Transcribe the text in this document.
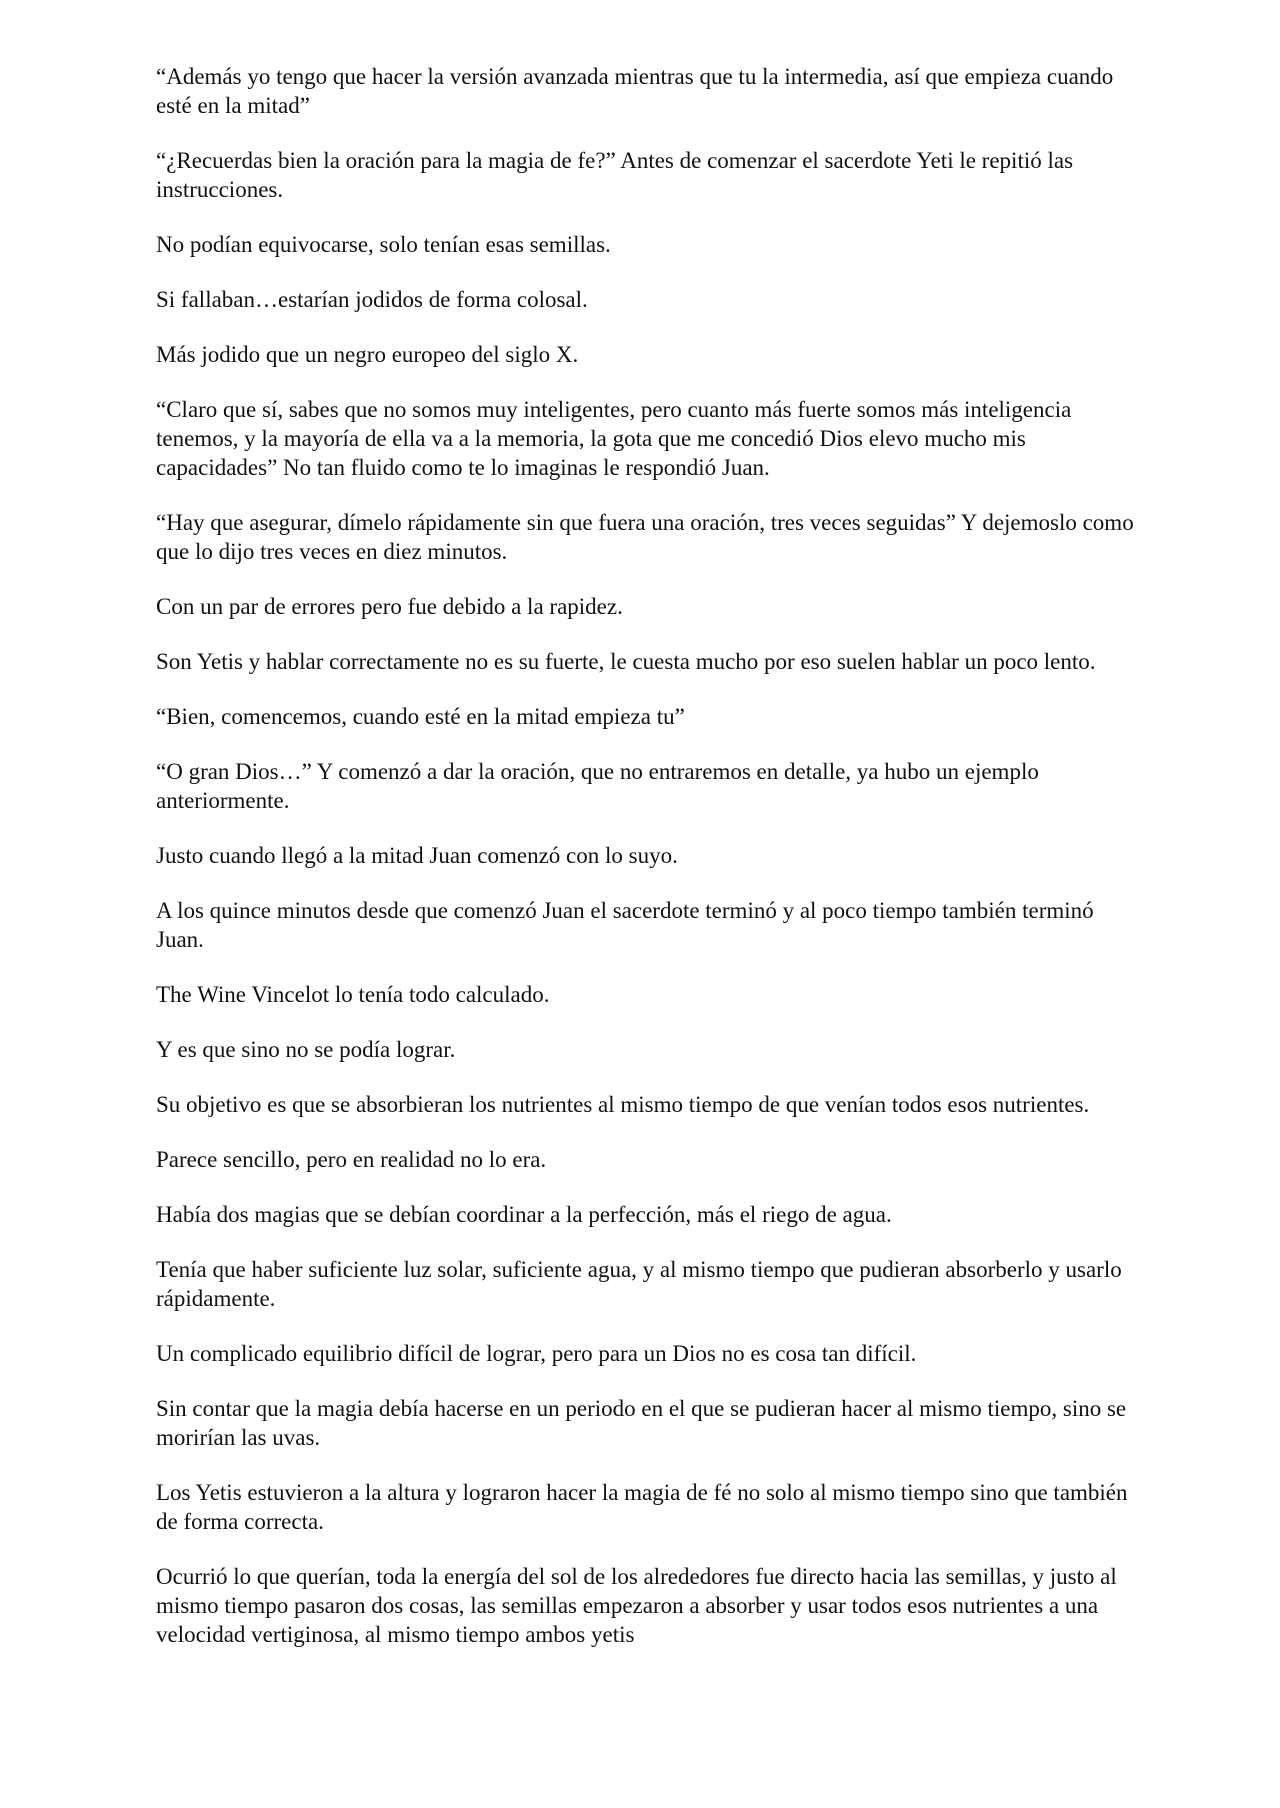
“Además yo tengo que hacer la versión avanzada mientras que tu la intermedia, así que empieza cuando esté en la mitad”

“¿Recuerdas bien la oración para la magia de fe?” Antes de comenzar el sacerdote Yeti le repitió las instrucciones.

No podían equivocarse, solo tenían esas semillas.

Si fallaban…estarían jodidos de forma colosal.

Más jodido que un negro europeo del siglo X.

“Claro que sí, sabes que no somos muy inteligentes, pero cuanto más fuerte somos más inteligencia tenemos, y la mayoría de ella va a la memoria, la gota que me concedió Dios elevo mucho mis capacidades” No tan fluido como te lo imaginas le respondió Juan.

“Hay que asegurar, dímelo rápidamente sin que fuera una oración, tres veces seguidas” Y dejemoslo como que lo dijo tres veces en diez minutos.

Con un par de errores pero fue debido a la rapidez.

Son Yetis y hablar correctamente no es su fuerte, le cuesta mucho por eso suelen hablar un poco lento.

“Bien, comencemos, cuando esté en la mitad empieza tu”

“O gran Dios…” Y comenzó a dar la oración, que no entraremos en detalle, ya hubo un ejemplo anteriormente.

Justo cuando llegó a la mitad Juan comenzó con lo suyo.

A los quince minutos desde que comenzó Juan el sacerdote terminó y al poco tiempo también terminó Juan.

The Wine Vincelot lo tenía todo calculado.

Y es que sino no se podía lograr.

Su objetivo es que se absorbieran los nutrientes al mismo tiempo de que venían todos esos nutrientes.

Parece sencillo, pero en realidad no lo era.

Había dos magias que se debían coordinar a la perfección, más el riego de agua.

Tenía que haber suficiente luz solar, suficiente agua, y al mismo tiempo que pudieran absorberlo y usarlo rápidamente.

Un complicado equilibrio difícil de lograr, pero para un Dios no es cosa tan difícil.

Sin contar que la magia debía hacerse en un periodo en el que se pudieran hacer al mismo tiempo, sino se morirían las uvas.

Los Yetis estuvieron a la altura y lograron hacer la magia de fé no solo al mismo tiempo sino que también de forma correcta.

Ocurrió lo que querían, toda la energía del sol de los alrededores fue directo hacia las semillas, y justo al mismo tiempo pasaron dos cosas, las semillas empezaron a absorber y usar todos esos nutrientes a una velocidad vertiginosa, al mismo tiempo ambos yetis
